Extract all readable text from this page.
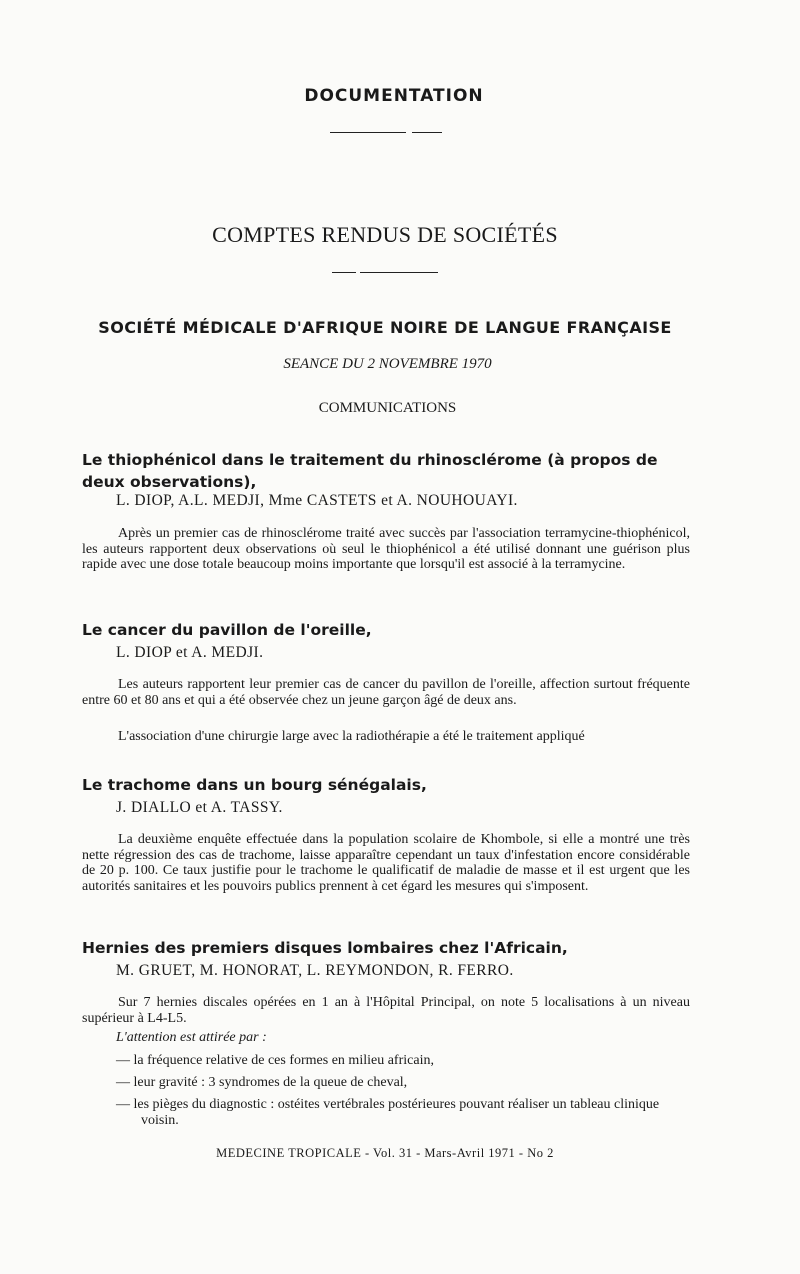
DOCUMENTATION
COMPTES RENDUS DE SOCIÉTÉS
SOCIÉTÉ MÉDICALE D'AFRIQUE NOIRE DE LANGUE FRANÇAISE
SEANCE DU 2 NOVEMBRE 1970
COMMUNICATIONS
Le thiophénicol dans le traitement du rhinosclérome (à propos de deux observations),
L. DIOP, A.L. MEDJI, Mme CASTETS et A. NOUHOUAYI.
Après un premier cas de rhinosclérome traité avec succès par l'association terramycine-thiophénicol, les auteurs rapportent deux observations où seul le thiophénicol a été utilisé donnant une guérison plus rapide avec une dose totale beaucoup moins importante que lorsqu'il est associé à la terramycine.
Le cancer du pavillon de l'oreille,
L. DIOP et A. MEDJI.
Les auteurs rapportent leur premier cas de cancer du pavillon de l'oreille, affection surtout fréquente entre 60 et 80 ans et qui a été observée chez un jeune garçon âgé de deux ans.
L'association d'une chirurgie large avec la radiothérapie a été le traitement appliqué
Le trachome dans un bourg sénégalais,
J. DIALLO et A. TASSY.
La deuxième enquête effectuée dans la population scolaire de Khombole, si elle a montré une très nette régression des cas de trachome, laisse apparaître cependant un taux d'infestation encore considérable de 20 p. 100. Ce taux justifie pour le trachome le qualificatif de maladie de masse et il est urgent que les autorités sanitaires et les pouvoirs publics prennent à cet égard les mesures qui s'imposent.
Hernies des premiers disques lombaires chez l'Africain,
M. GRUET, M. HONORAT, L. REYMONDON, R. FERRO.
Sur 7 hernies discales opérées en 1 an à l'Hôpital Principal, on note 5 localisations à un niveau supérieur à L4-L5.
L'attention est attirée par :
— la fréquence relative de ces formes en milieu africain,
— leur gravité : 3 syndromes de la queue de cheval,
— les pièges du diagnostic : ostéites vertébrales postérieures pouvant réaliser un tableau clinique voisin.
MEDECINE TROPICALE - Vol. 31 - Mars-Avril 1971 - No 2
